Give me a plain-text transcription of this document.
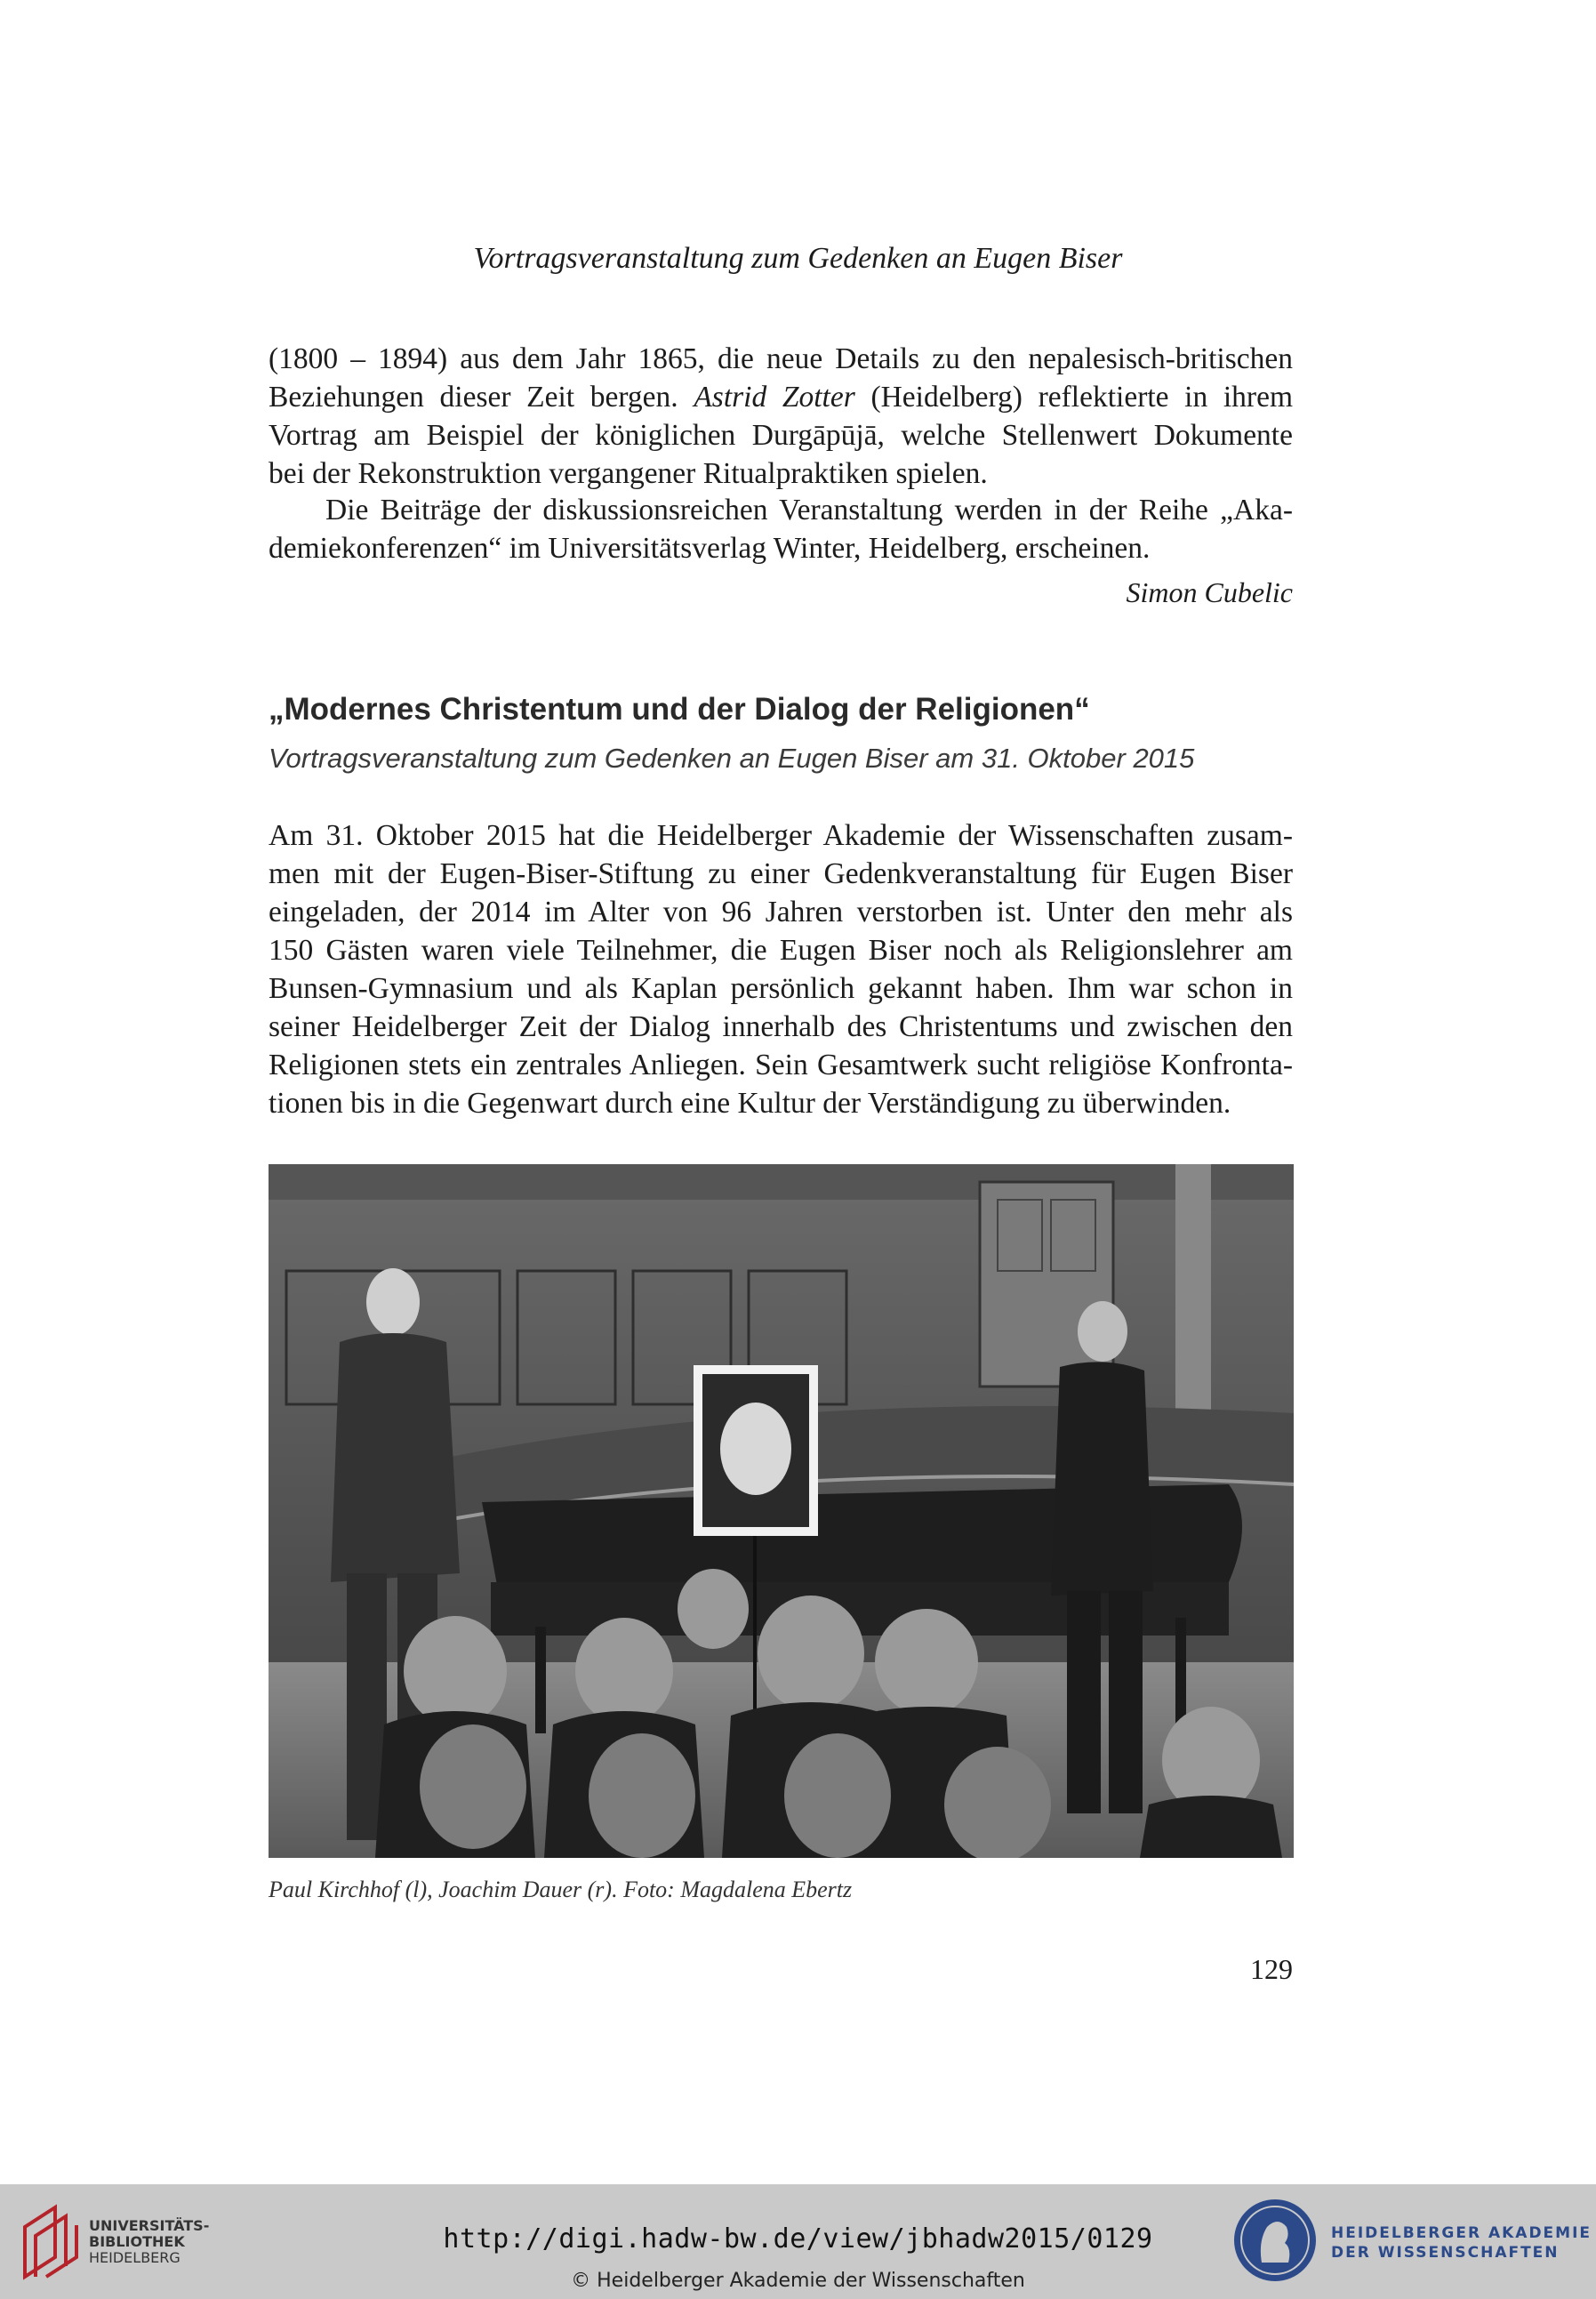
Vortragsveranstaltung zum Gedenken an Eugen Biser
(1800 – 1894) aus dem Jahr 1865, die neue Details zu den nepalesisch-britischen
Beziehungen dieser Zeit bergen. Astrid Zotter (Heidelberg) reflektierte in ihrem
Vortrag am Beispiel der königlichen Durgāpūjā, welche Stellenwert Dokumente
bei der Rekonstruktion vergangener Ritualpraktiken spielen.
Die Beiträge der diskussionsreichen Veranstaltung werden in der Reihe „Aka-
demiekonferenzen“ im Universitätsverlag Winter, Heidelberg, erscheinen.
Simon Cubelic
„Modernes Christentum und der Dialog der Religionen“
Vortragsveranstaltung zum Gedenken an Eugen Biser am 31. Oktober 2015
Am 31. Oktober 2015 hat die Heidelberger Akademie der Wissenschaften zusam-
men mit der Eugen-Biser-Stiftung zu einer Gedenkveranstaltung für Eugen Biser
eingeladen, der 2014 im Alter von 96 Jahren verstorben ist. Unter den mehr als
150 Gästen waren viele Teilnehmer, die Eugen Biser noch als Religionslehrer am
Bunsen-Gymnasium und als Kaplan persönlich gekannt haben. Ihm war schon in
seiner Heidelberger Zeit der Dialog innerhalb des Christentums und zwischen den
Religionen stets ein zentrales Anliegen. Sein Gesamtwerk sucht religiöse Konfronta-
tionen bis in die Gegenwart durch eine Kultur der Verständigung zu überwinden.
Paul Kirchhof (l), Joachim Dauer (r). Foto: Magdalena Ebertz
129
UNIVERSITÄTS-
BIBLIOTHEK
HEIDELBERG
http://digi.hadw-bw.de/view/jbhadw2015/0129
© Heidelberger Akademie der Wissenschaften
HEIDELBERGER AKADEMIE
DER WISSENSCHAFTEN
